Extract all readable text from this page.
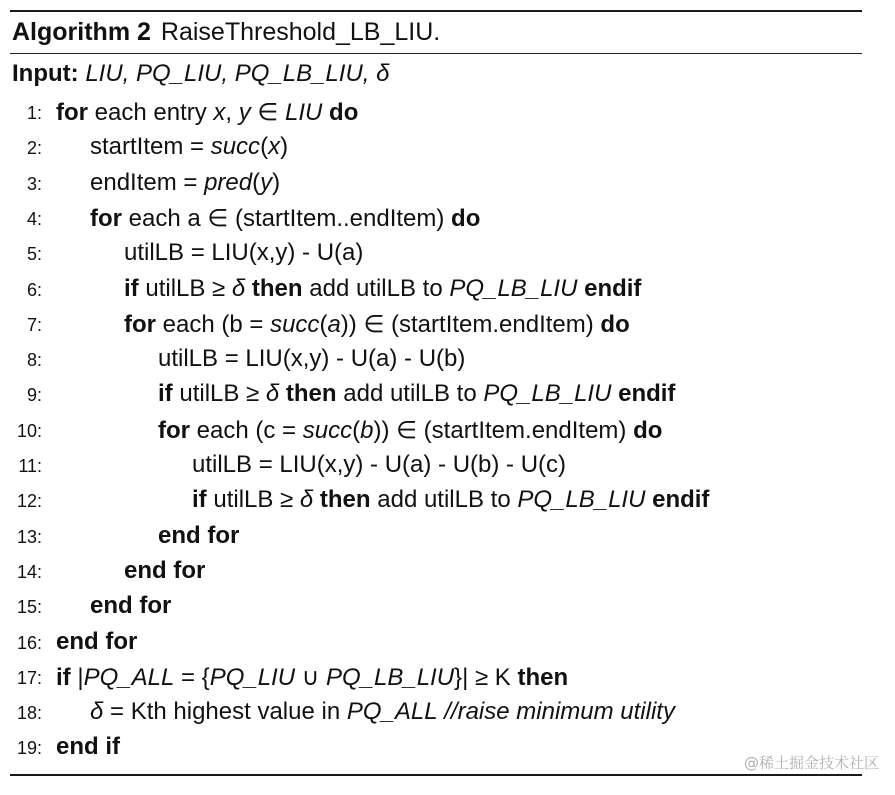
Algorithm 2 RaiseThreshold_LB_LIU.
Input: LIU, PQ_LIU, PQ_LB_LIU, δ
1: for each entry x, y ∈ LIU do
2: startItem = succ(x)
3: endItem = pred(y)
4: for each a ∈ (startItem..endItem) do
5:	utilLB = LIU(x,y) - U(a)
6:	if utilLB ≥ δ then add utilLB to PQ_LB_LIU endif
7:	for each (b = succ(a)) ∈ (startItem.endItem) do
8:	utilLB = LIU(x,y) - U(a) - U(b)
9:	if utilLB ≥ δ then add utilLB to PQ_LB_LIU endif
10:	for each (c = succ(b)) ∈ (startItem.endItem) do
11:	utilLB = LIU(x,y) - U(a) - U(b) - U(c)
12:	if utilLB ≥ δ then add utilLB to PQ_LB_LIU endif
13:	end for
14:	end for
15: end for
16: end for
17: if |PQ_ALL = {PQ_LIU ∪ PQ_LB_LIU}| ≥ K then
18: δ = Kth highest value in PQ_ALL //raise minimum utility
19: end if
@稀土掘金技术社区
